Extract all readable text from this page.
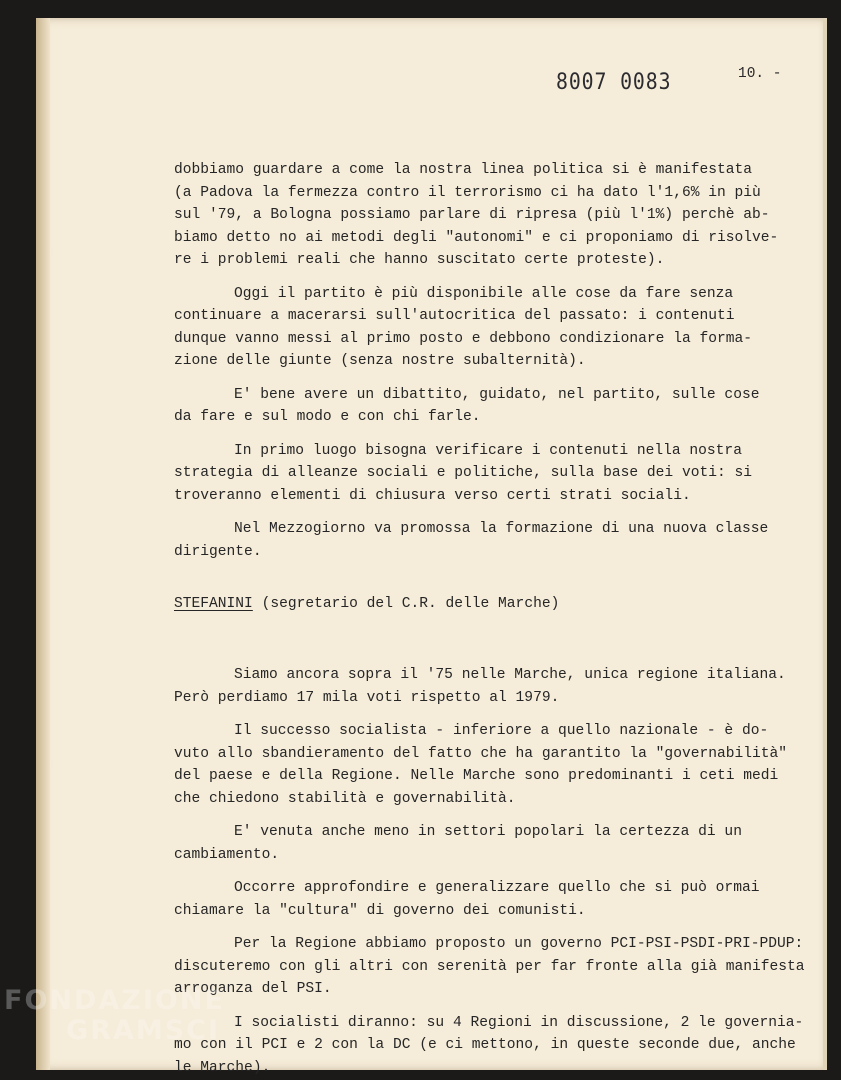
8007 0083	10. -
dobbiamo guardare a come la nostra linea politica si è manifestata
(a Padova la fermezza contro il terrorismo ci ha dato l'1,6% in più
sul '79, a Bologna possiamo parlare di ripresa (più l'1%) perchè ab-
biamo detto no ai metodi degli "autonomi" e ci proponiamo di risolve-
re i problemi reali che hanno suscitato certe proteste).
Oggi il partito è più disponibile alle cose da fare senza
continuare a macerarsi sull'autocritica del passato: i contenuti
dunque vanno messi al primo posto e debbono condizionare la forma-
zione delle giunte (senza nostre subalternità).
E' bene avere un dibattito, guidato, nel partito, sulle cose
da fare e sul modo e con chi farle.
In primo luogo bisogna verificare i contenuti nella nostra
strategia di alleanze sociali e politiche, sulla base dei voti: si
troveranno elementi di chiusura verso certi strati sociali.
Nel Mezzogiorno va promossa la formazione di una nuova classe
dirigente.
STEFANINI (segretario del C.R. delle Marche)
Siamo ancora sopra il '75 nelle Marche, unica regione italiana.
Però perdiamo 17 mila voti rispetto al 1979.
Il successo socialista - inferiore a quello nazionale - è do-
vuto allo sbandieramento del fatto che ha garantito la "governabilità"
del paese e della Regione. Nelle Marche sono predominanti i ceti medi
che chiedono stabilità e governabilità.
E' venuta anche meno in settori popolari la certezza di un
cambiamento.
Occorre approfondire e generalizzare quello che si può ormai
chiamare la "cultura" di governo dei comunisti.
Per la Regione abbiamo proposto un governo PCI-PSI-PSDI-PRI-PDUP:
discuteremo con gli altri con serenità per far fronte alla già manifesta
arroganza del PSI.
I socialisti diranno: su 4 Regioni in discussione, 2 le governia-
mo con il PCI e 2 con la DC (e ci mettono, in queste seconde due, anche
le Marche).
FONDAZIONE
GRAMSCI
